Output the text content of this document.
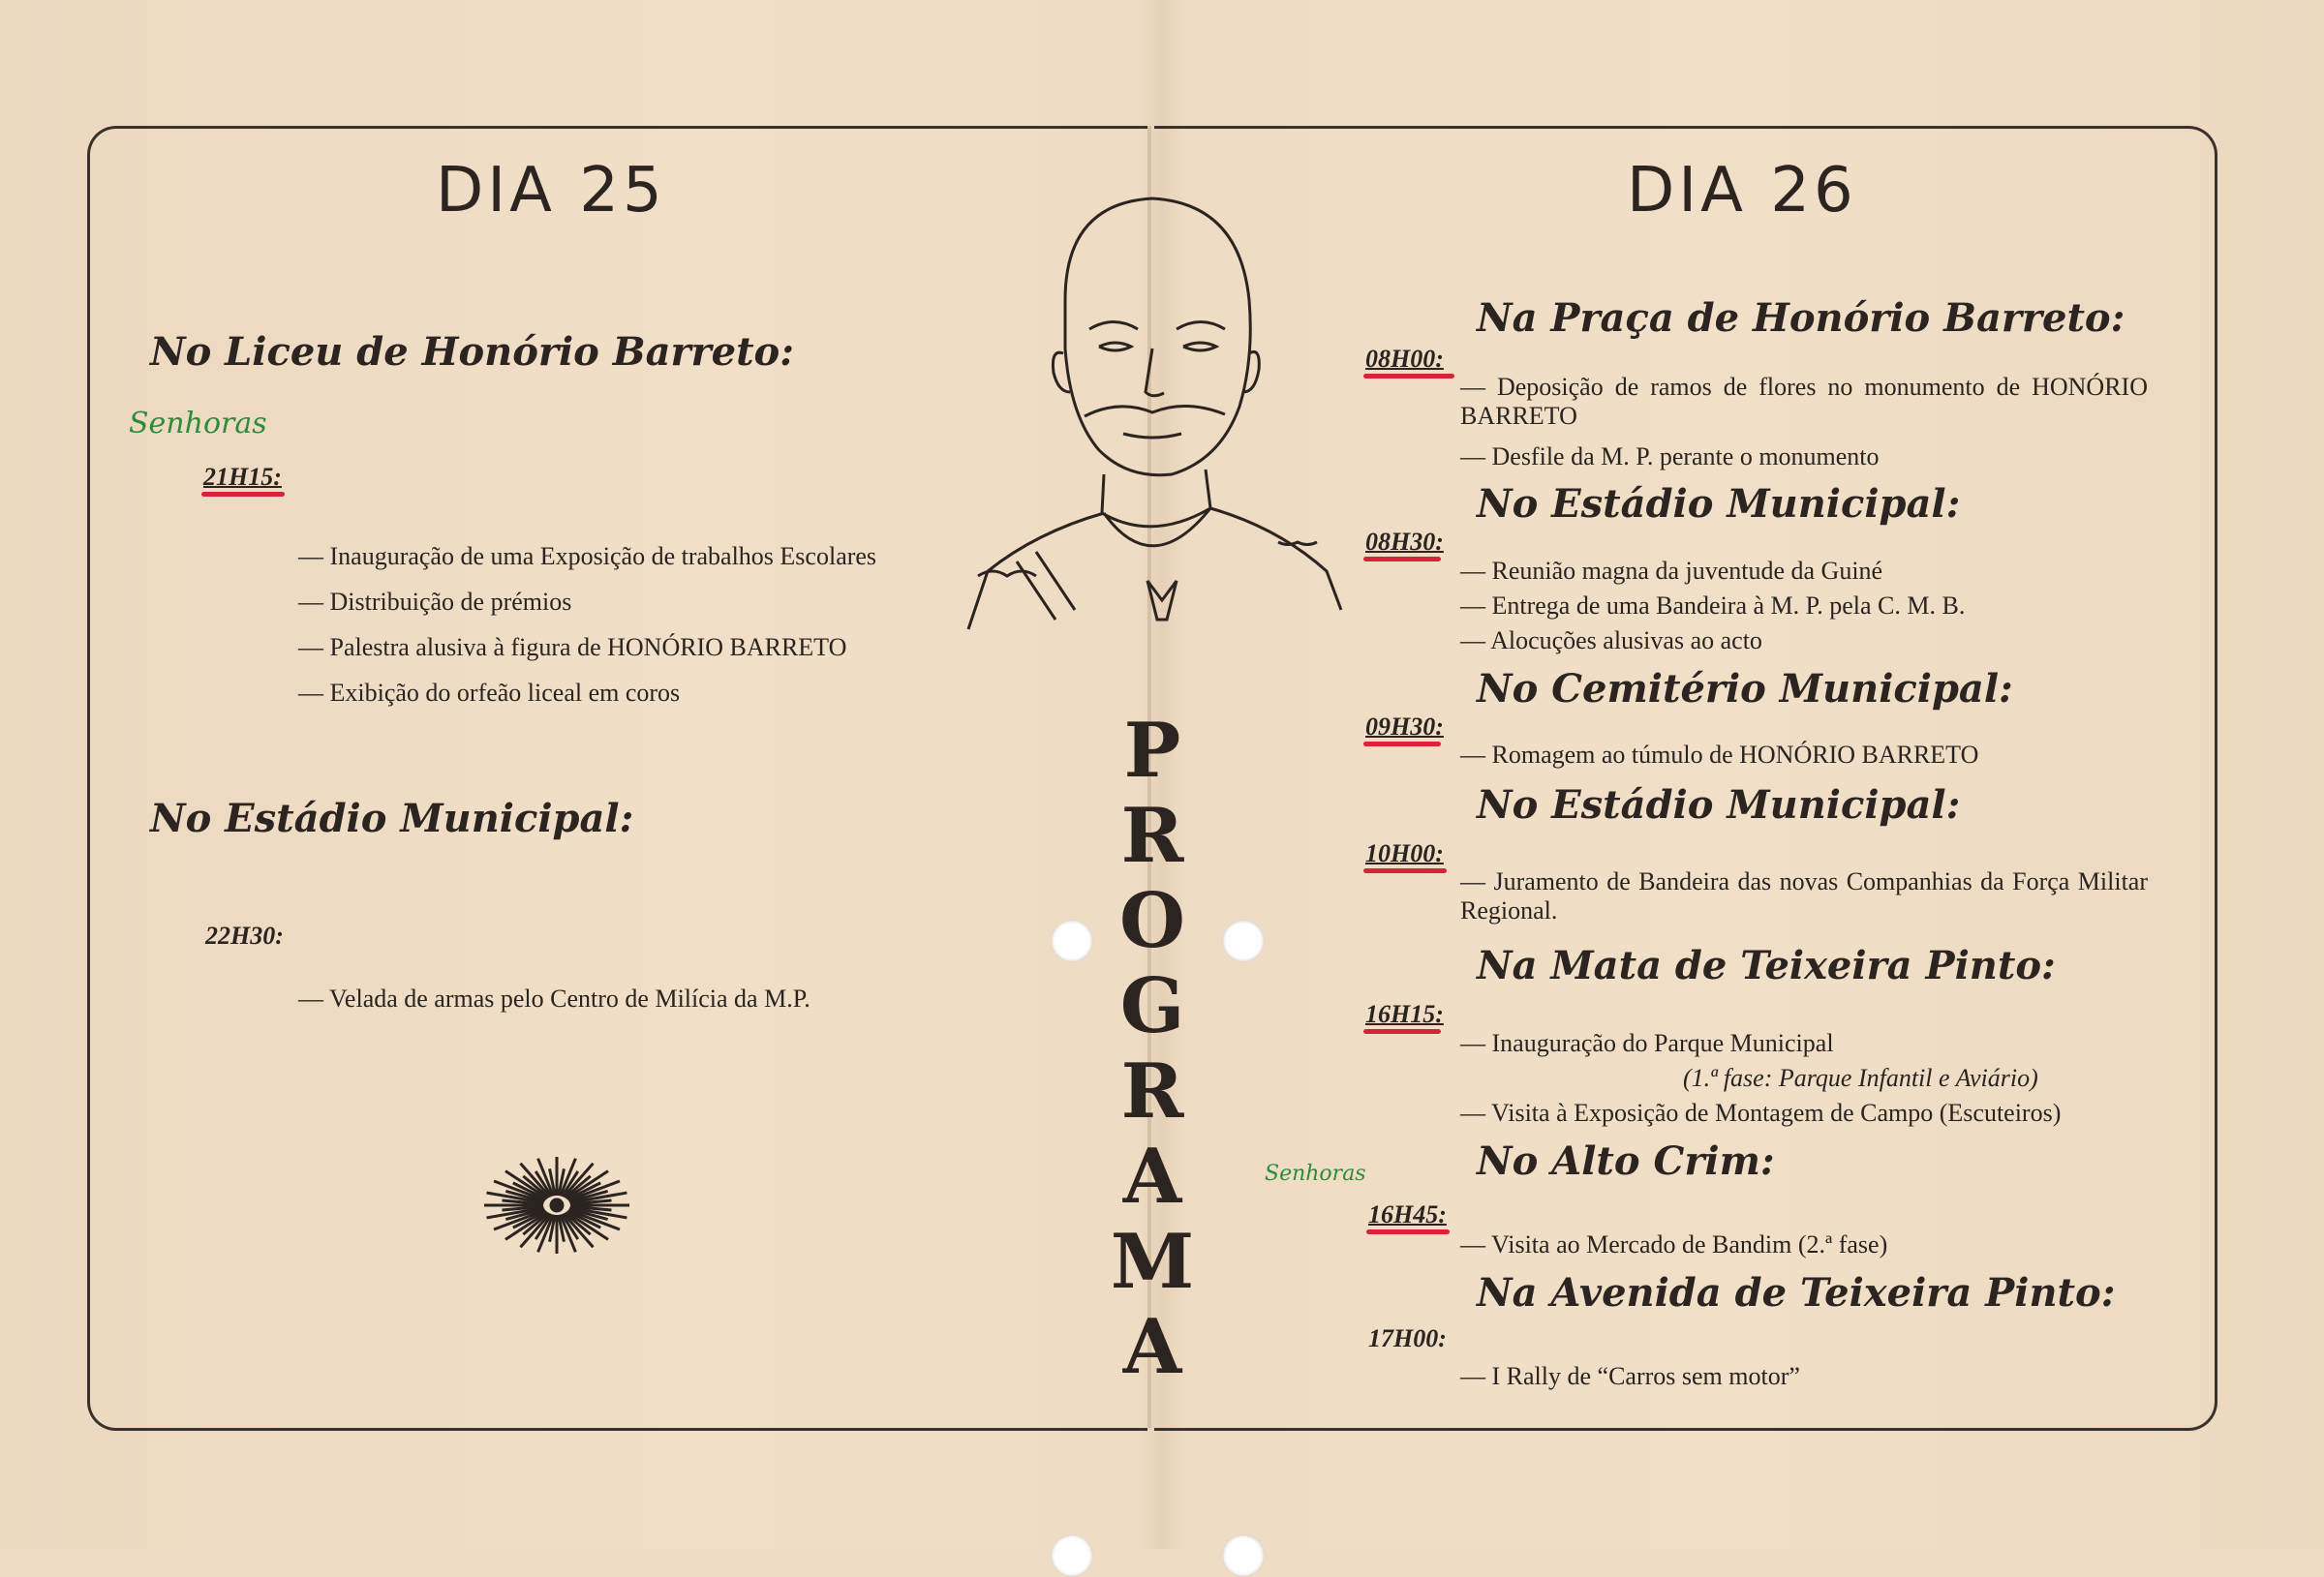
DIA 25
No Liceu de Honório Barreto:
Senhoras
21H15:
— Inauguração de uma Exposição de trabalhos Escolares
— Distribuição de prémios
— Palestra alusiva à figura de HONÓRIO BARRETO
— Exibição do orfeão liceal em coros
No Estádio Municipal:
22H30:
— Velada de armas pelo Centro de Milícia da M.P.
P
R
O
G
R
A
M
A
DIA 26
Na Praça de Honório Barreto:
08H00:
— Deposição de ramos de flores no monumento de HONÓRIO BARRETO
— Desfile da M. P. perante o monumento
No Estádio Municipal:
08H30:
— Reunião magna da juventude da Guiné
— Entrega de uma Bandeira à M. P. pela C. M. B.
— Alocuções alusivas ao acto
No Cemitério Municipal:
09H30:
— Romagem ao túmulo de HONÓRIO BARRETO
No Estádio Municipal:
10H00:
— Juramento de Bandeira das novas Companhias da Força Militar Regional.
Na Mata de Teixeira Pinto:
16H15:
— Inauguração do Parque Municipal
(1.ª fase: Parque Infantil e Aviário)
— Visita à Exposição de Montagem de Campo (Escuteiros)
No Alto Crim:
Senhoras
16H45:
— Visita ao Mercado de Bandim (2.ª fase)
Na Avenida de Teixeira Pinto:
17H00:
— I Rally de “Carros sem motor”
